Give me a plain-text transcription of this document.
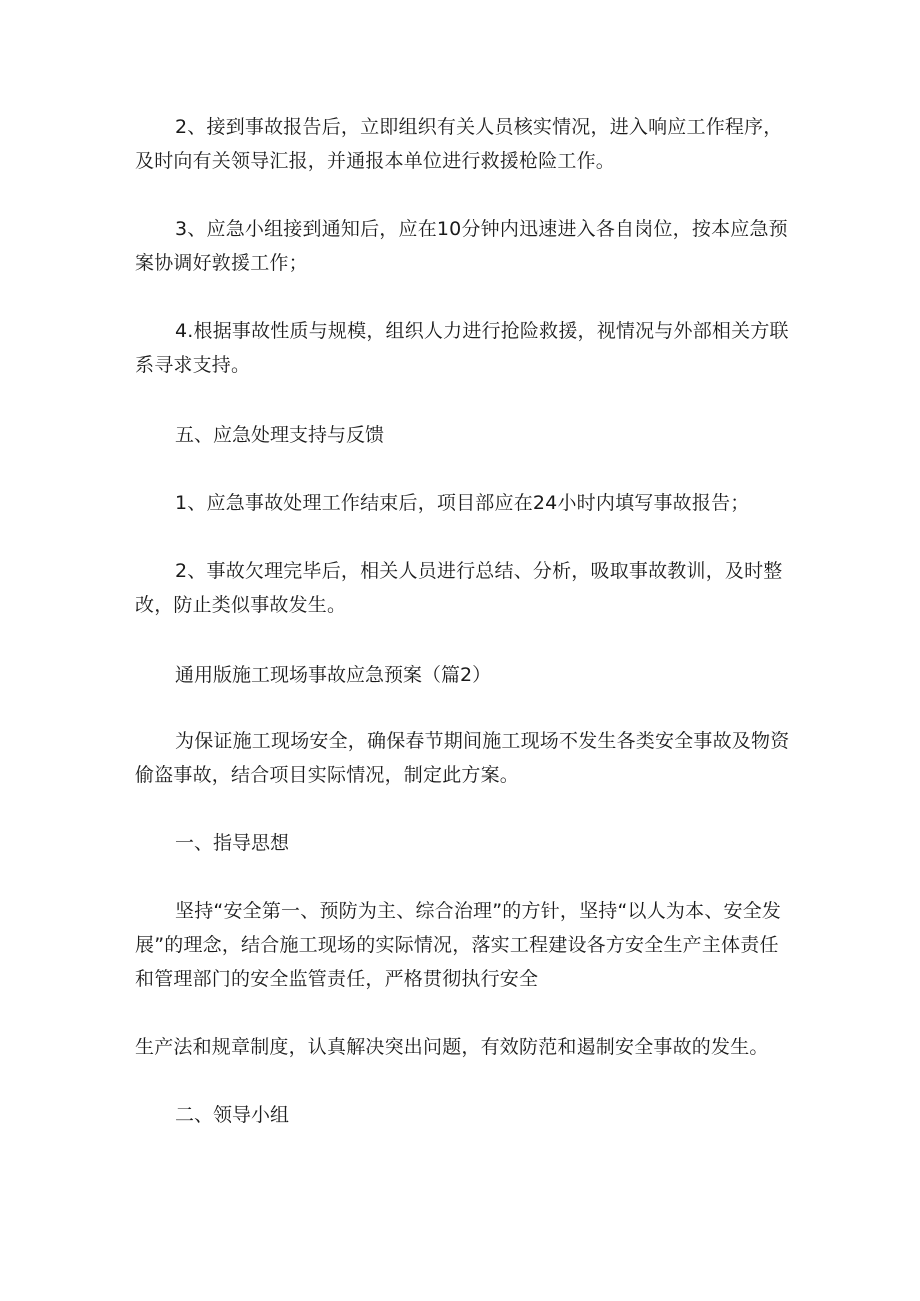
2、接到事故报告后，立即组织有关人员核实情况，进入响应工作程序，及时向有关领导汇报，并通报本单位进行救援枪险工作。

3、应急小组接到通知后，应在10分钟内迅速进入各自岗位，按本应急预案协调好敦援工作；

4.根据事故性质与规模，组织人力进行抢险救援，视情况与外部相关方联系寻求支持。

五、应急处理支持与反馈

1、应急事故处理工作结束后，项目部应在24小时内填写事故报告；

2、事故欠理完毕后，相关人员进行总结、分析，吸取事故教训，及时整改，防止类似事故发生。

通用版施工现场事故应急预案（篇2）

为保证施工现场安全，确保春节期间施工现场不发生各类安全事故及物资偷盗事故，结合项目实际情况，制定此方案。

一、指导思想

坚持“安全第一、预防为主、综合治理”的方针，坚持“以人为本、安全发展”的理念，结合施工现场的实际情况，落实工程建设各方安全生产主体责任和管理部门的安全监管责任，严格贯彻执行安全

生产法和规章制度，认真解决突出问题，有效防范和遏制安全事故的发生。

二、领导小组
